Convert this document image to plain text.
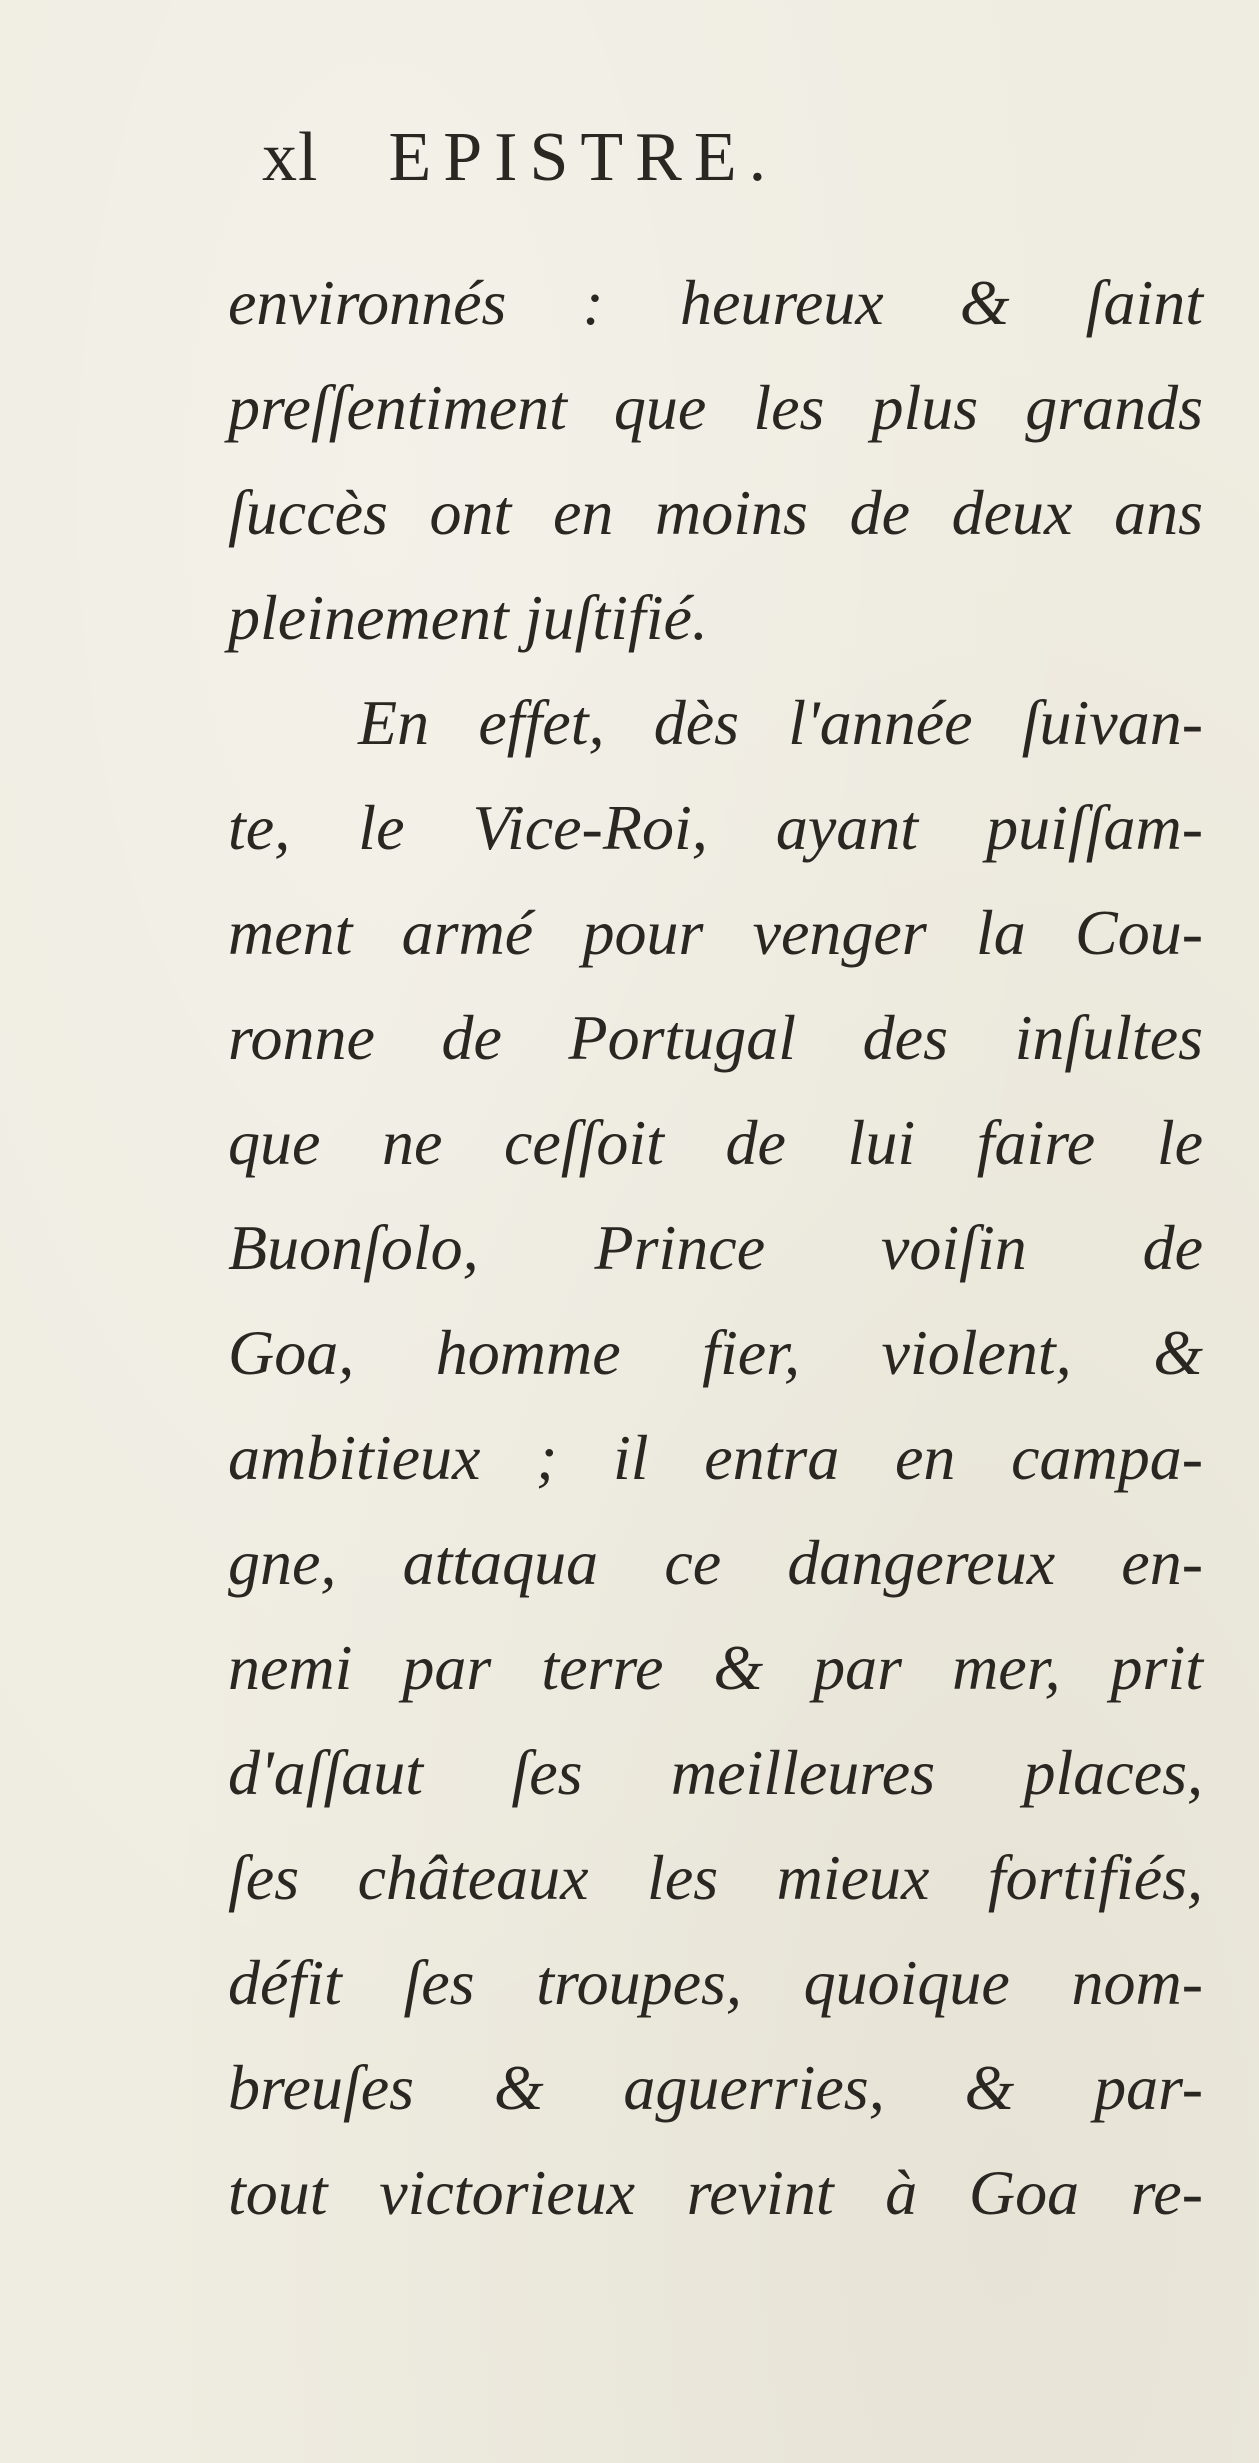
xl EPISTRE.
environnés : heureux & ſaint
preſſentiment que les plus grands
ſuccès ont en moins de deux ans
pleinement juſtifié.
En effet, dès l'année ſuivan-
te, le Vice-Roi, ayant puiſſam-
ment armé pour venger la Cou-
ronne de Portugal des inſultes
que ne ceſſoit de lui faire le
Buonſolo, Prince voiſin de
Goa, homme fier, violent, &
ambitieux ; il entra en campa-
gne, attaqua ce dangereux en-
nemi par terre & par mer, prit
d'aſſaut ſes meilleures places,
ſes châteaux les mieux fortifiés,
défit ſes troupes, quoique nom-
breuſes & aguerries, & par-
tout victorieux revint à Goa re-
